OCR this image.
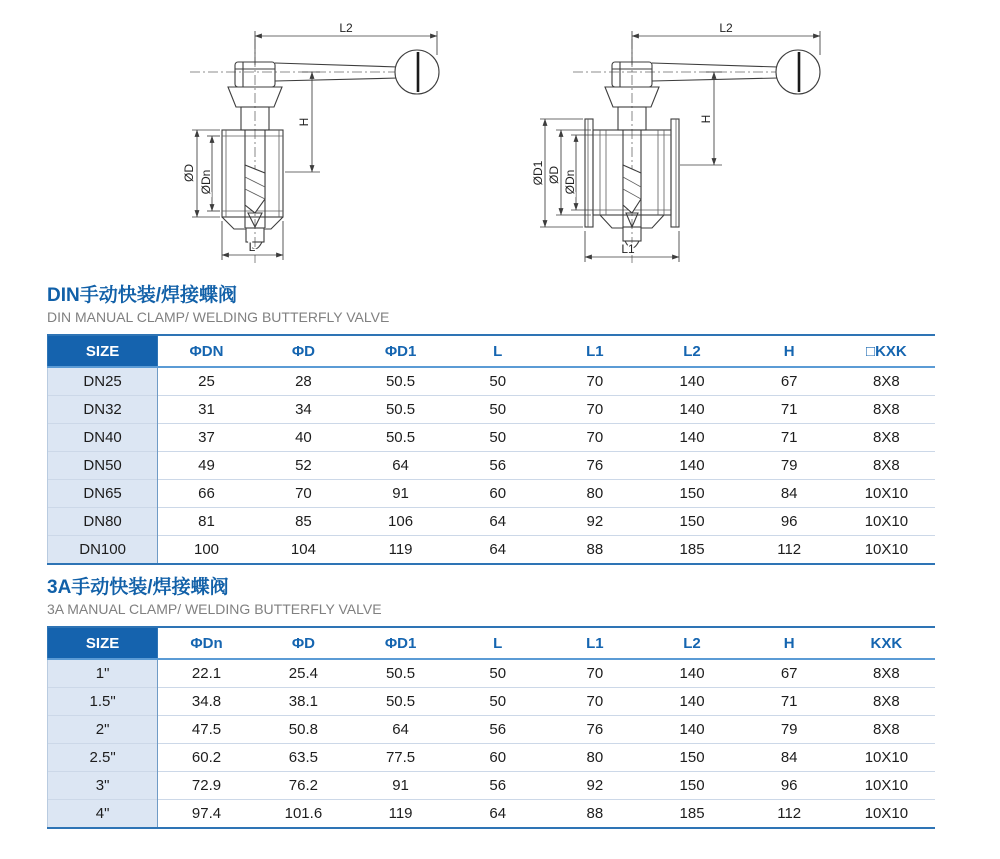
L2
ØD ØDn
H
L
L2
ØD1 ØD ØDn
H
L1
DIN手动快装/焊接蝶阀

DIN MANUAL CLAMP/ WELDING BUTTERFLY VALVE

SIZE	ΦDN	ΦD	ΦD1	L	L1	L2	H	□KXK
DN25	25	28	50.5	50	70	140	67	8X8
DN32	31	34	50.5	50	70	140	71	8X8
DN40	37	40	50.5	50	70	140	71	8X8
DN50	49	52	64	56	76	140	79	8X8
DN65	66	70	91	60	80	150	84	10X10
DN80	81	85	106	64	92	150	96	10X10
DN100	100	104	119	64	88	185	112	10X10
3A手动快装/焊接蝶阀

3A MANUAL CLAMP/ WELDING BUTTERFLY VALVE

SIZE	ΦDn	ΦD	ΦD1	L	L1	L2	H	KXK
1"	22.1	25.4	50.5	50	70	140	67	8X8
1.5"	34.8	38.1	50.5	50	70	140	71	8X8
2"	47.5	50.8	64	56	76	140	79	8X8
2.5"	60.2	63.5	77.5	60	80	150	84	10X10
3"	72.9	76.2	91	56	92	150	96	10X10
4"	97.4	101.6	119	64	88	185	112	10X10
